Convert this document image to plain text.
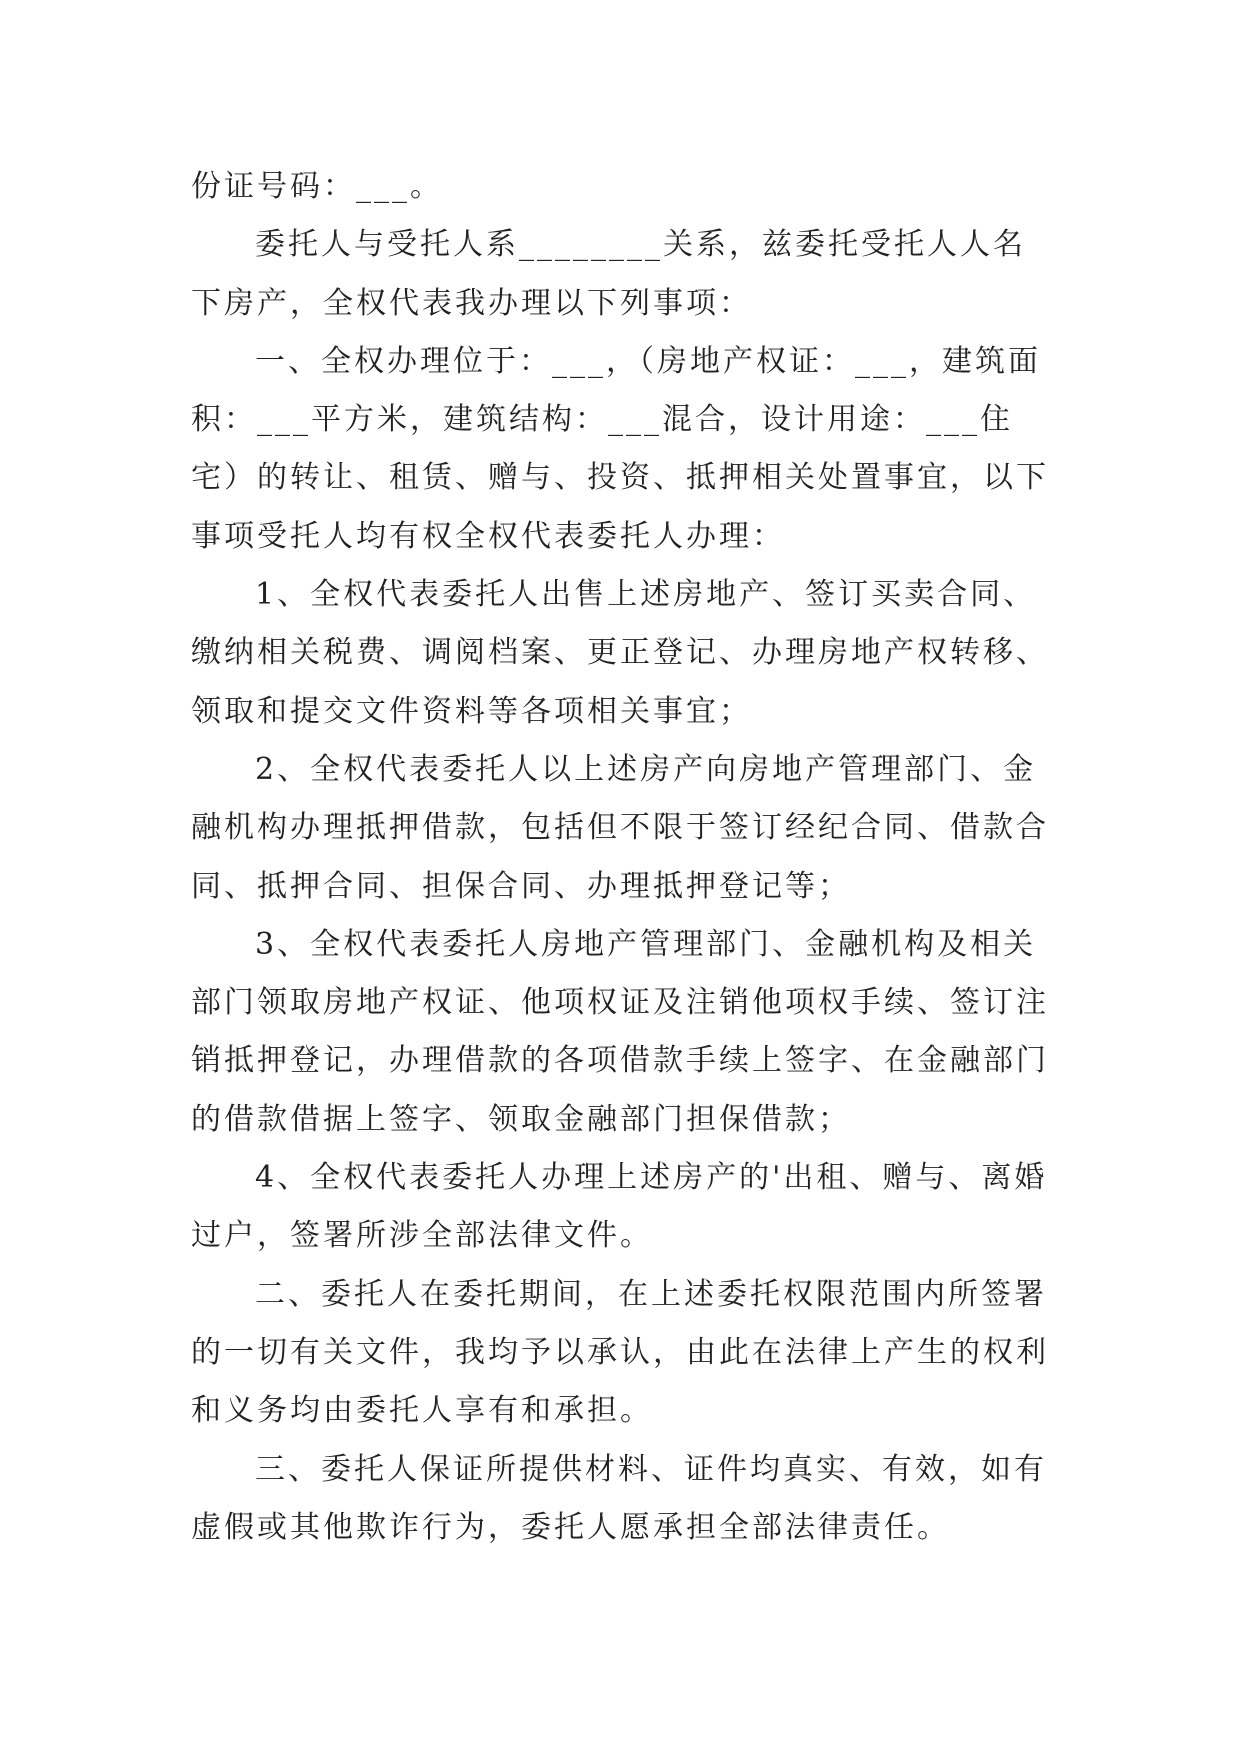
份证号码：___。

委托人与受托人系________关系，兹委托受托人人名下房产，全权代表我办理以下列事项：

一、全权办理位于：___，（房地产权证：___，建筑面积：___平方米，建筑结构：___混合，设计用途：___住宅）的转让、租赁、赠与、投资、抵押相关处置事宜，以下事项受托人均有权全权代表委托人办理：

1、全权代表委托人出售上述房地产、签订买卖合同、缴纳相关税费、调阅档案、更正登记、办理房地产权转移、领取和提交文件资料等各项相关事宜；

2、全权代表委托人以上述房产向房地产管理部门、金融机构办理抵押借款，包括但不限于签订经纪合同、借款合同、抵押合同、担保合同、办理抵押登记等；

3、全权代表委托人房地产管理部门、金融机构及相关部门领取房地产权证、他项权证及注销他项权手续、签订注销抵押登记，办理借款的各项借款手续上签字、在金融部门的借款借据上签字、领取金融部门担保借款；

4、全权代表委托人办理上述房产的'出租、赠与、离婚过户，签署所涉全部法律文件。

二、委托人在委托期间，在上述委托权限范围内所签署的一切有关文件，我均予以承认，由此在法律上产生的权利和义务均由委托人享有和承担。

三、委托人保证所提供材料、证件均真实、有效，如有虚假或其他欺诈行为，委托人愿承担全部法律责任。
